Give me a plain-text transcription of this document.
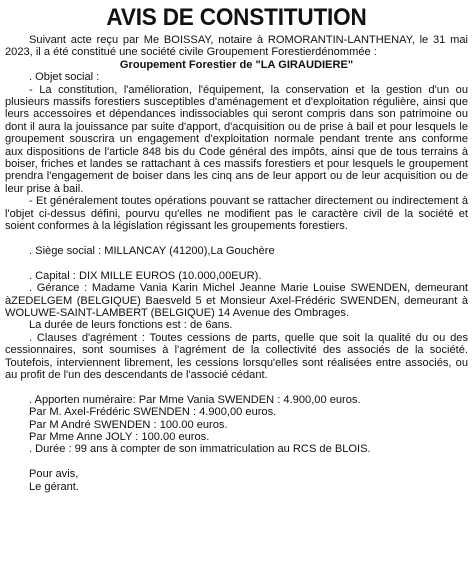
AVIS DE CONSTITUTION

Suivant acte reçu par Me BOISSAY, notaire à ROMORANTIN-LANTHENAY, le 31 mai 2023, il a été constitué une société civile Groupement Forestierdénommée :

Groupement Forestier de "LA GIRAUDIERE"

. Objet social :

- La constitution, l'amélioration, l'équipement, la conservation et la gestion d'un ou plusieurs massifs forestiers susceptibles d'aménagement et d'exploitation régulière, ainsi que leurs accessoires et dépendances indissociables qui seront compris dans son patrimoine ou dont il aura la jouissance par suite d'apport, d'acquisition ou de prise à bail et pour lesquels le groupement souscrira un engagement d'exploitation normale pendant trente ans conforme aux dispositions de l'article 848 bis du Code général des impôts, ainsi que de tous terrains à boiser, friches et landes se rattachant à ces massifs forestiers et pour lesquels le groupement prendra l'engagement de boiser dans les cinq ans de leur apport ou de leur acquisition ou de leur prise à bail.

- Et généralement toutes opérations pouvant se rattacher directement ou indirectement à l'objet ci-dessus défini, pourvu qu'elles ne modifient pas le caractère civil de la société et soient conformes à la législation régissant les groupements forestiers.

. Siège social : MILLANCAY (41200),La Gouchère

. Capital : DIX MILLE EUROS (10.000,00EUR).

. Gérance : Madame Vania Karin Michel Jeanne Marie Louise SWENDEN, demeurant àZEDELGEM (BELGIQUE) Baesveld 5 et Monsieur Axel-Frédéric SWENDEN, demeurant à WOLUWE-SAINT-LAMBERT (BELGIQUE) 14 Avenue des Ombrages.

La durée de leurs fonctions est : de 6ans.

. Clauses d'agrément : Toutes cessions de parts, quelle que soit la qualité du ou des cessionnaires, sont soumises à l'agrément de la collectivité des associés de la société. Toutefois, interviennent librement, les cessions lorsqu'elles sont réalisées entre associés, ou au profit de l'un des descendants de l'associé cédant.

. Apporten numéraire: Par Mme Vania SWENDEN : 4.900,00 euros.

Par M. Axel-Frédéric SWENDEN : 4.900,00 euros.

Par M André SWENDEN : 100.00 euros.

Par Mme Anne JOLY : 100.00 euros.

. Durée : 99 ans à compter de son immatriculation au RCS de BLOIS.

Pour avis,

Le gérant.
